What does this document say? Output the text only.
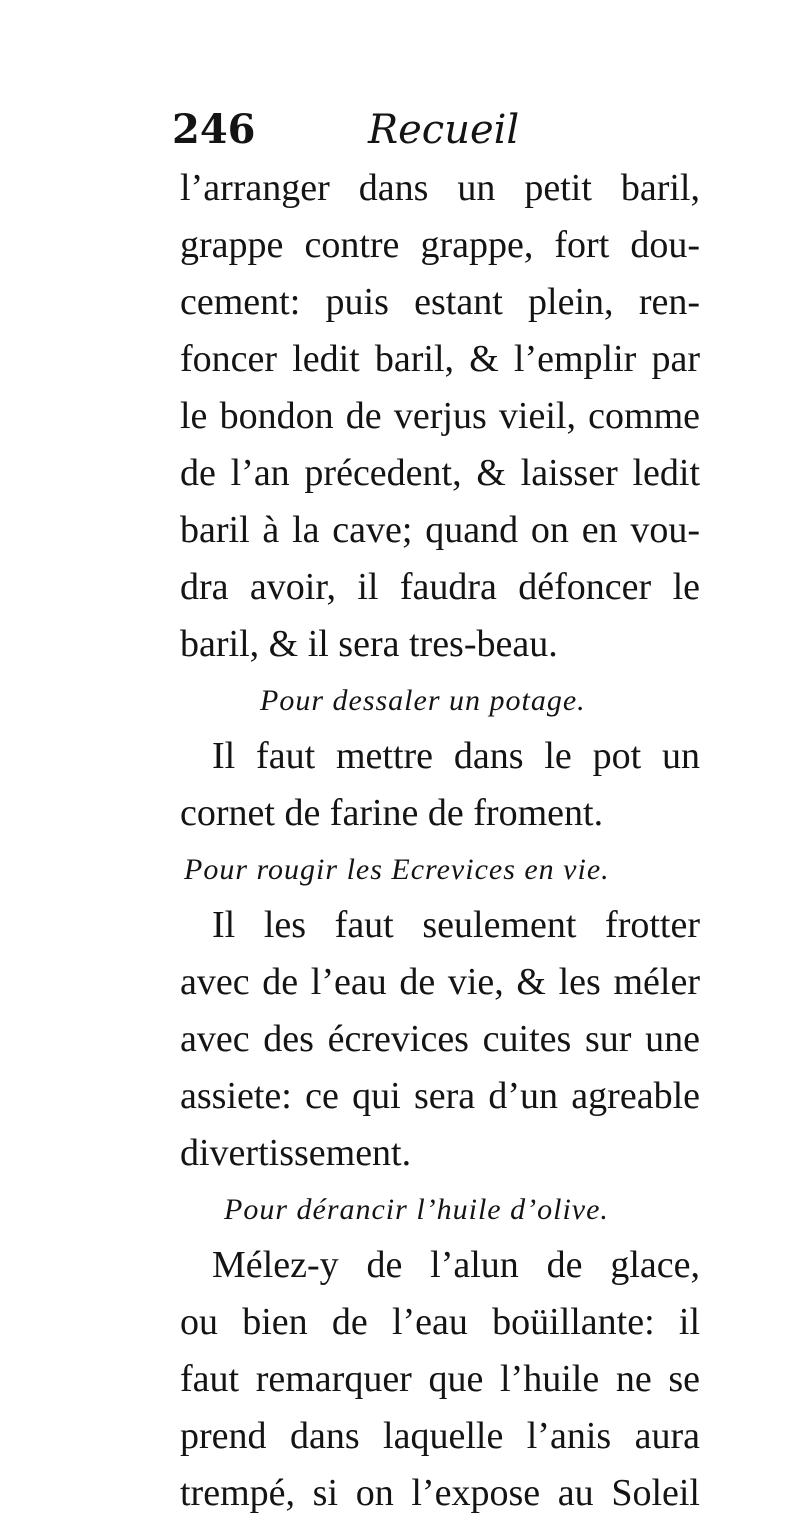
246	Recueil
l’arranger dans un petit baril,
grappe contre grappe, fort dou-
cement: puis estant plein, ren-
foncer ledit baril, & l’emplir par
le bondon de verjus vieil, comme
de l’an précedent, & laisser ledit
baril à la cave; quand on en vou-
dra avoir, il faudra défoncer le
baril, & il sera tres-beau.
Pour dessaler un potage.
Il faut mettre dans le pot un
cornet de farine de froment.
Pour rougir les Ecrevices en vie.
Il les faut seulement frotter
avec de l’eau de vie, & les méler
avec des écrevices cuites sur une
assiete: ce qui sera d’un agreable
divertissement.
Pour dérancir l’huile d’olive.
Mélez-y de l’alun de glace,
ou bien de l’eau boüillante: il
faut remarquer que l’huile ne se
prend dans laquelle l’anis aura
trempé, si on l’expose au Soleil
